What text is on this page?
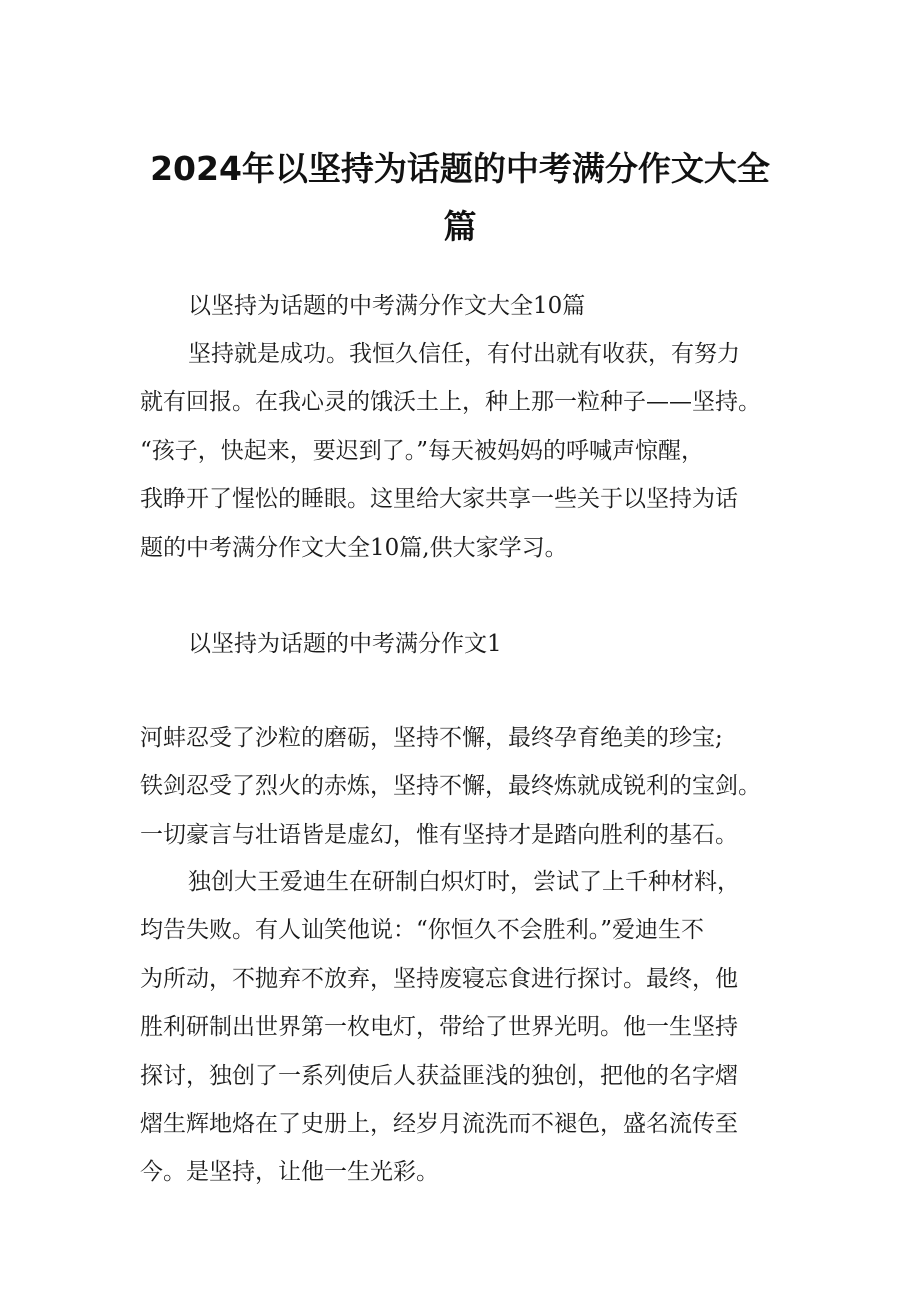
2024年以坚持为话题的中考满分作文大全
篇

以坚持为话题的中考满分作文大全10篇

坚持就是成功。我恒久信任，有付出就有收获，有努力
就有回报。在我心灵的饿沃土上，种上那一粒种子——坚持。
“孩子，快起来，要迟到了。”每天被妈妈的呼喊声惊醒，
我睁开了惺忪的睡眼。这里给大家共享一些关于以坚持为话
题的中考满分作文大全10篇,供大家学习。

以坚持为话题的中考满分作文1

河蚌忍受了沙粒的磨砺，坚持不懈，最终孕育绝美的珍宝;
铁剑忍受了烈火的赤炼，坚持不懈，最终炼就成锐利的宝剑。
一切豪言与壮语皆是虚幻，惟有坚持才是踏向胜利的基石。

独创大王爱迪生在研制白炽灯时，尝试了上千种材料，
均告失败。有人讪笑他说：“你恒久不会胜利。”爱迪生不
为所动，不抛弃不放弃，坚持废寝忘食进行探讨。最终，他
胜利研制出世界第一枚电灯，带给了世界光明。他一生坚持
探讨，独创了一系列使后人获益匪浅的独创，把他的名字熠
熠生辉地烙在了史册上，经岁月流洗而不褪色，盛名流传至
今。是坚持，让他一生光彩。
